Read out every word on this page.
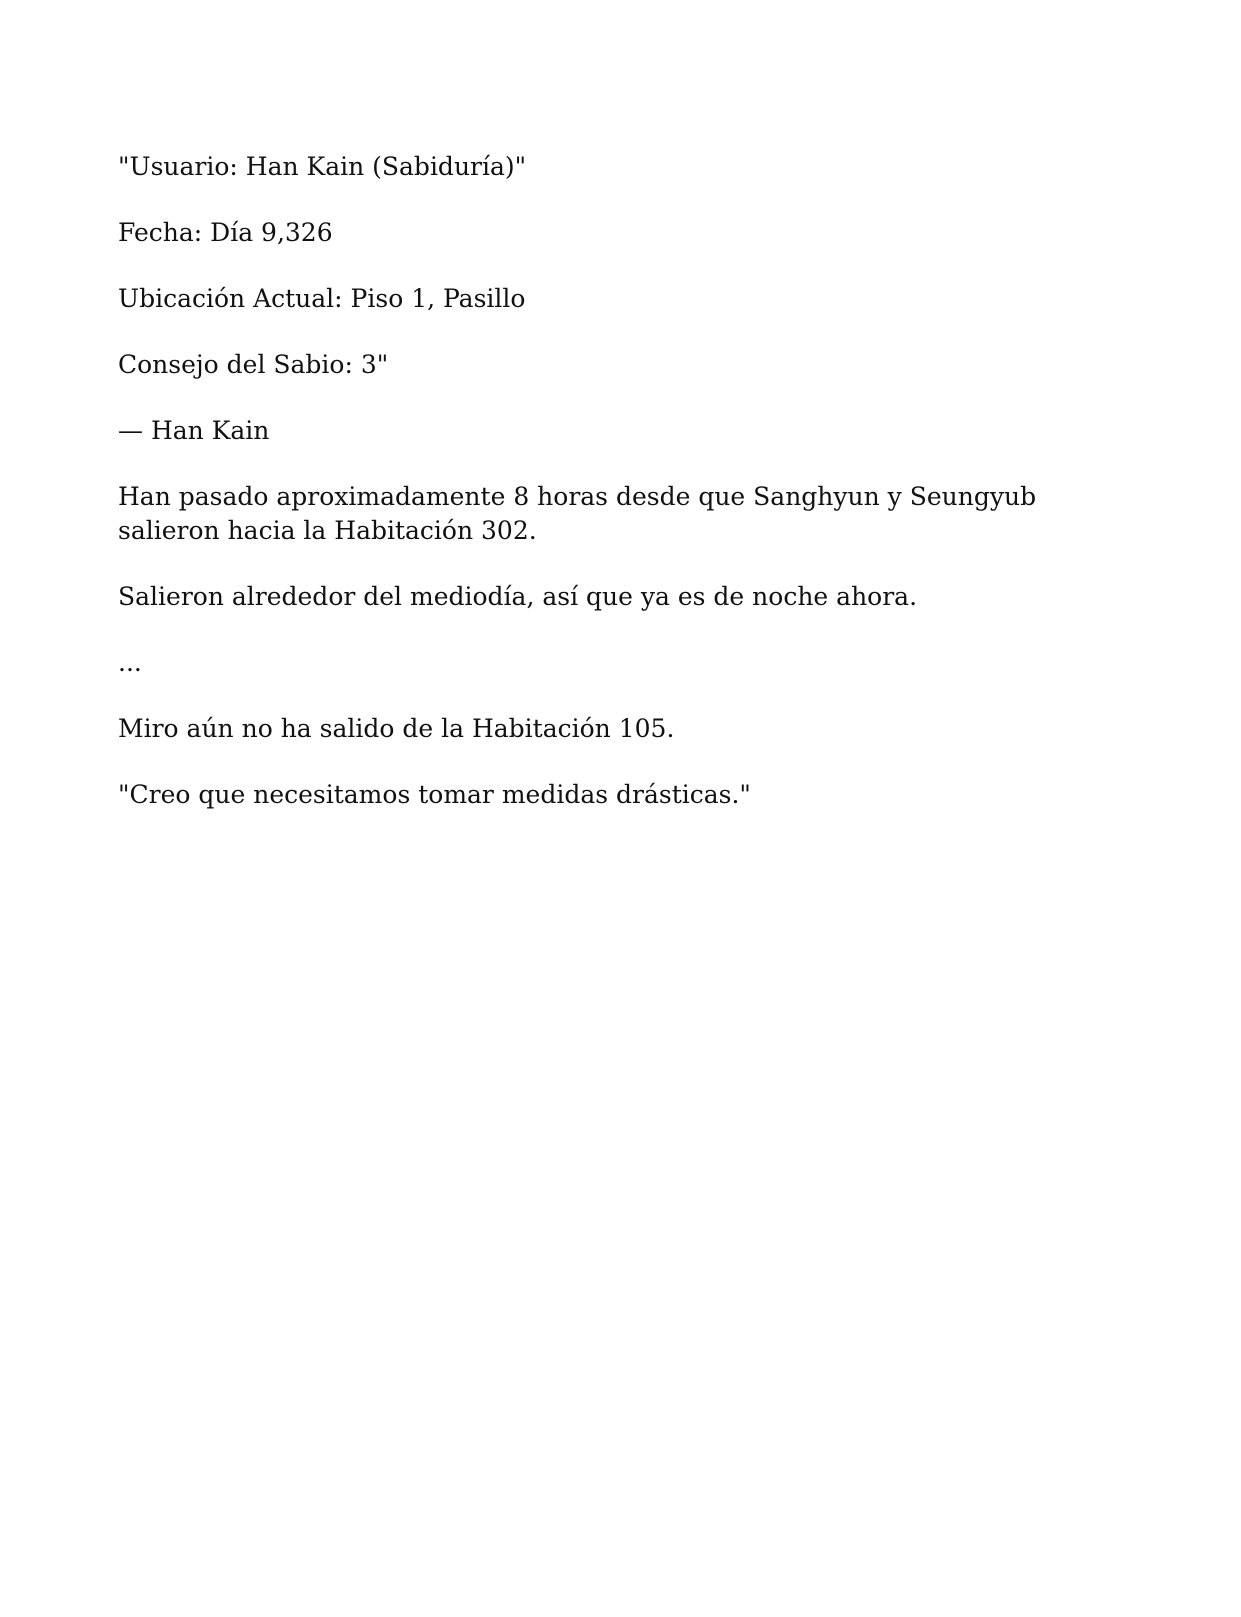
"Usuario: Han Kain (Sabiduría)"

Fecha: Día 9,326

Ubicación Actual: Piso 1, Pasillo

Consejo del Sabio: 3"

— Han Kain

Han pasado aproximadamente 8 horas desde que Sanghyun y Seungyub salieron hacia la Habitación 302.

Salieron alrededor del mediodía, así que ya es de noche ahora.

...

Miro aún no ha salido de la Habitación 105.

"Creo que necesitamos tomar medidas drásticas."
